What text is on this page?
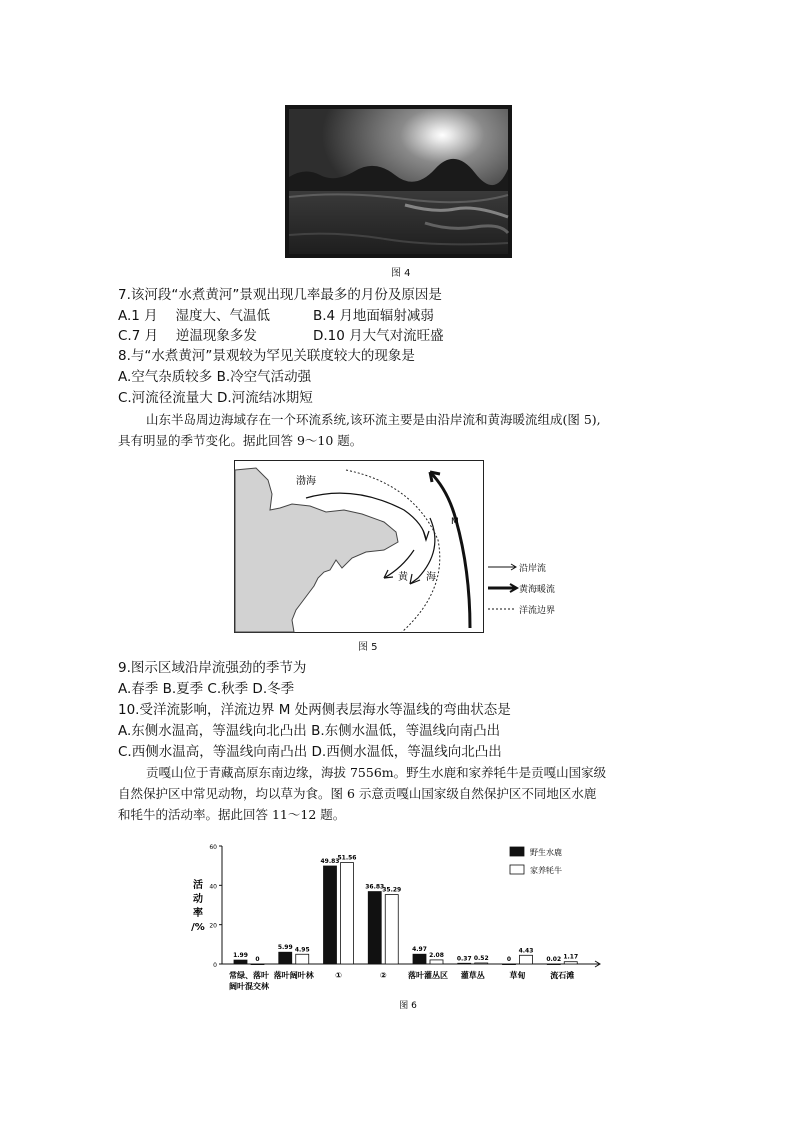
图 4
7.该河段“水煮黄河”景观出现几率最多的月份及原因是
A.1 月　 湿度大、气温低	B.4 月地面辐射减弱
C.7 月　 逆温现象多发	D.10 月大气对流旺盛
8.与“水煮黄河”景观较为罕见关联度较大的现象是
A.空气杂质较多 B.冷空气活动强
C.河流径流量大 D.河流结冰期短
山东半岛周边海域存在一个环流系统,该环流主要是由沿岸流和黄海暖流组成(图 5),
具有明显的季节变化。据此回答 9～10 题。
渤海
M
黄 海
沿岸流
黄海暖流
洋流边界
图 5
9.图示区域沿岸流强劲的季节为
A.春季 B.夏季 C.秋季 D.冬季
10.受洋流影响，洋流边界 M 处两侧表层海水等温线的弯曲状态是
A.东侧水温高，等温线向北凸出 B.东侧水温低，等温线向南凸出
C.西侧水温高，等温线向南凸出 D.西侧水温低，等温线向北凸出
贡嘎山位于青藏高原东南边缘，海拔 7556m。野生水鹿和家养牦牛是贡嘎山国家级
自然保护区中常见动物，均以草为食。图 6 示意贡嘎山国家级自然保护区不同地区水鹿
和牦牛的活动率。据此回答 11～12 题。
20
40
60
0
活
动
率
/%
1.99
0
常绿、落叶
阔叶混交林
5.99 4.95
落叶阔叶林
49.83
51.56
①
36.83
35.29
②
4.97
2.08
落叶灌丛区
0.37 0.52
灌草丛
0
4.43
草甸
0.02 1.17
流石滩
野生水鹿
家养牦牛
图 6
